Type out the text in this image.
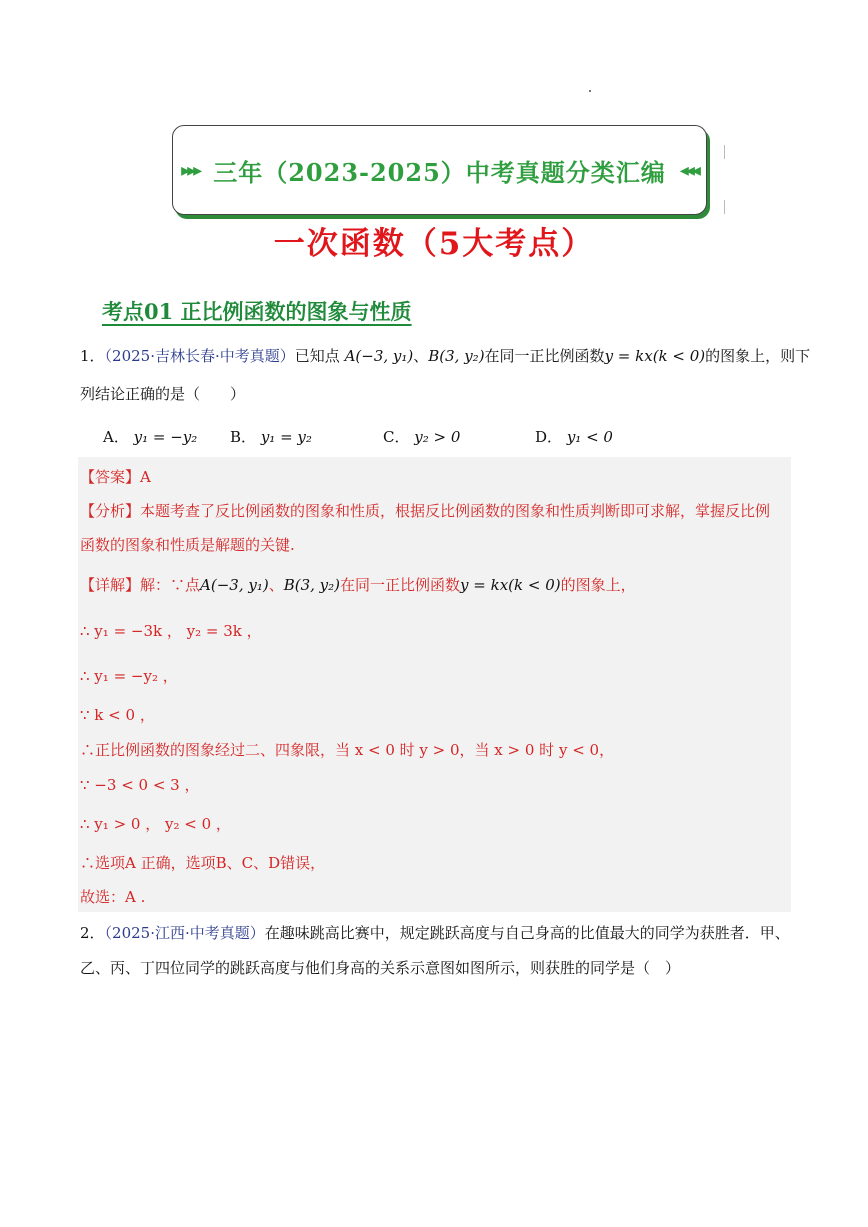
▸▸▸ 三年（2023-2025）中考真题分类汇编 ◂◂◂
一次函数（5大考点）
考点01 正比例函数的图象与性质
1．（2025·吉林长春·中考真题）已知点 A(−3, y₁)、B(3, y₂)在同一正比例函数y = kx(k < 0)的图象上，则下
列结论正确的是（　　）
A． y₁ = −y₂ B． y₁ = y₂	C． y₂ > 0	D． y₁ < 0
【答案】A
【分析】本题考查了反比例函数的图象和性质，根据反比例函数的图象和性质判断即可求解，掌握反比例
函数的图象和性质是解题的关键.
【详解】解：∵点A(−3, y₁)、B(3, y₂)在同一正比例函数y = kx(k < 0)的图象上，
∴ y₁ = −3k ， y₂ = 3k ，
∴ y₁ = −y₂ ，
∵ k < 0 ，
∴正比例函数的图象经过二、四象限，当 x < 0 时 y > 0，当 x > 0 时 y < 0，
∵ −3 < 0 < 3 ，
∴ y₁ > 0 ， y₂ < 0 ，
∴选项A 正确，选项B、C、D错误，
故选：A .
2．（2025·江西·中考真题）在趣味跳高比赛中，规定跳跃高度与自己身高的比值最大的同学为获胜者．甲、
乙、丙、丁四位同学的跳跃高度与他们身高的关系示意图如图所示，则获胜的同学是（　）
